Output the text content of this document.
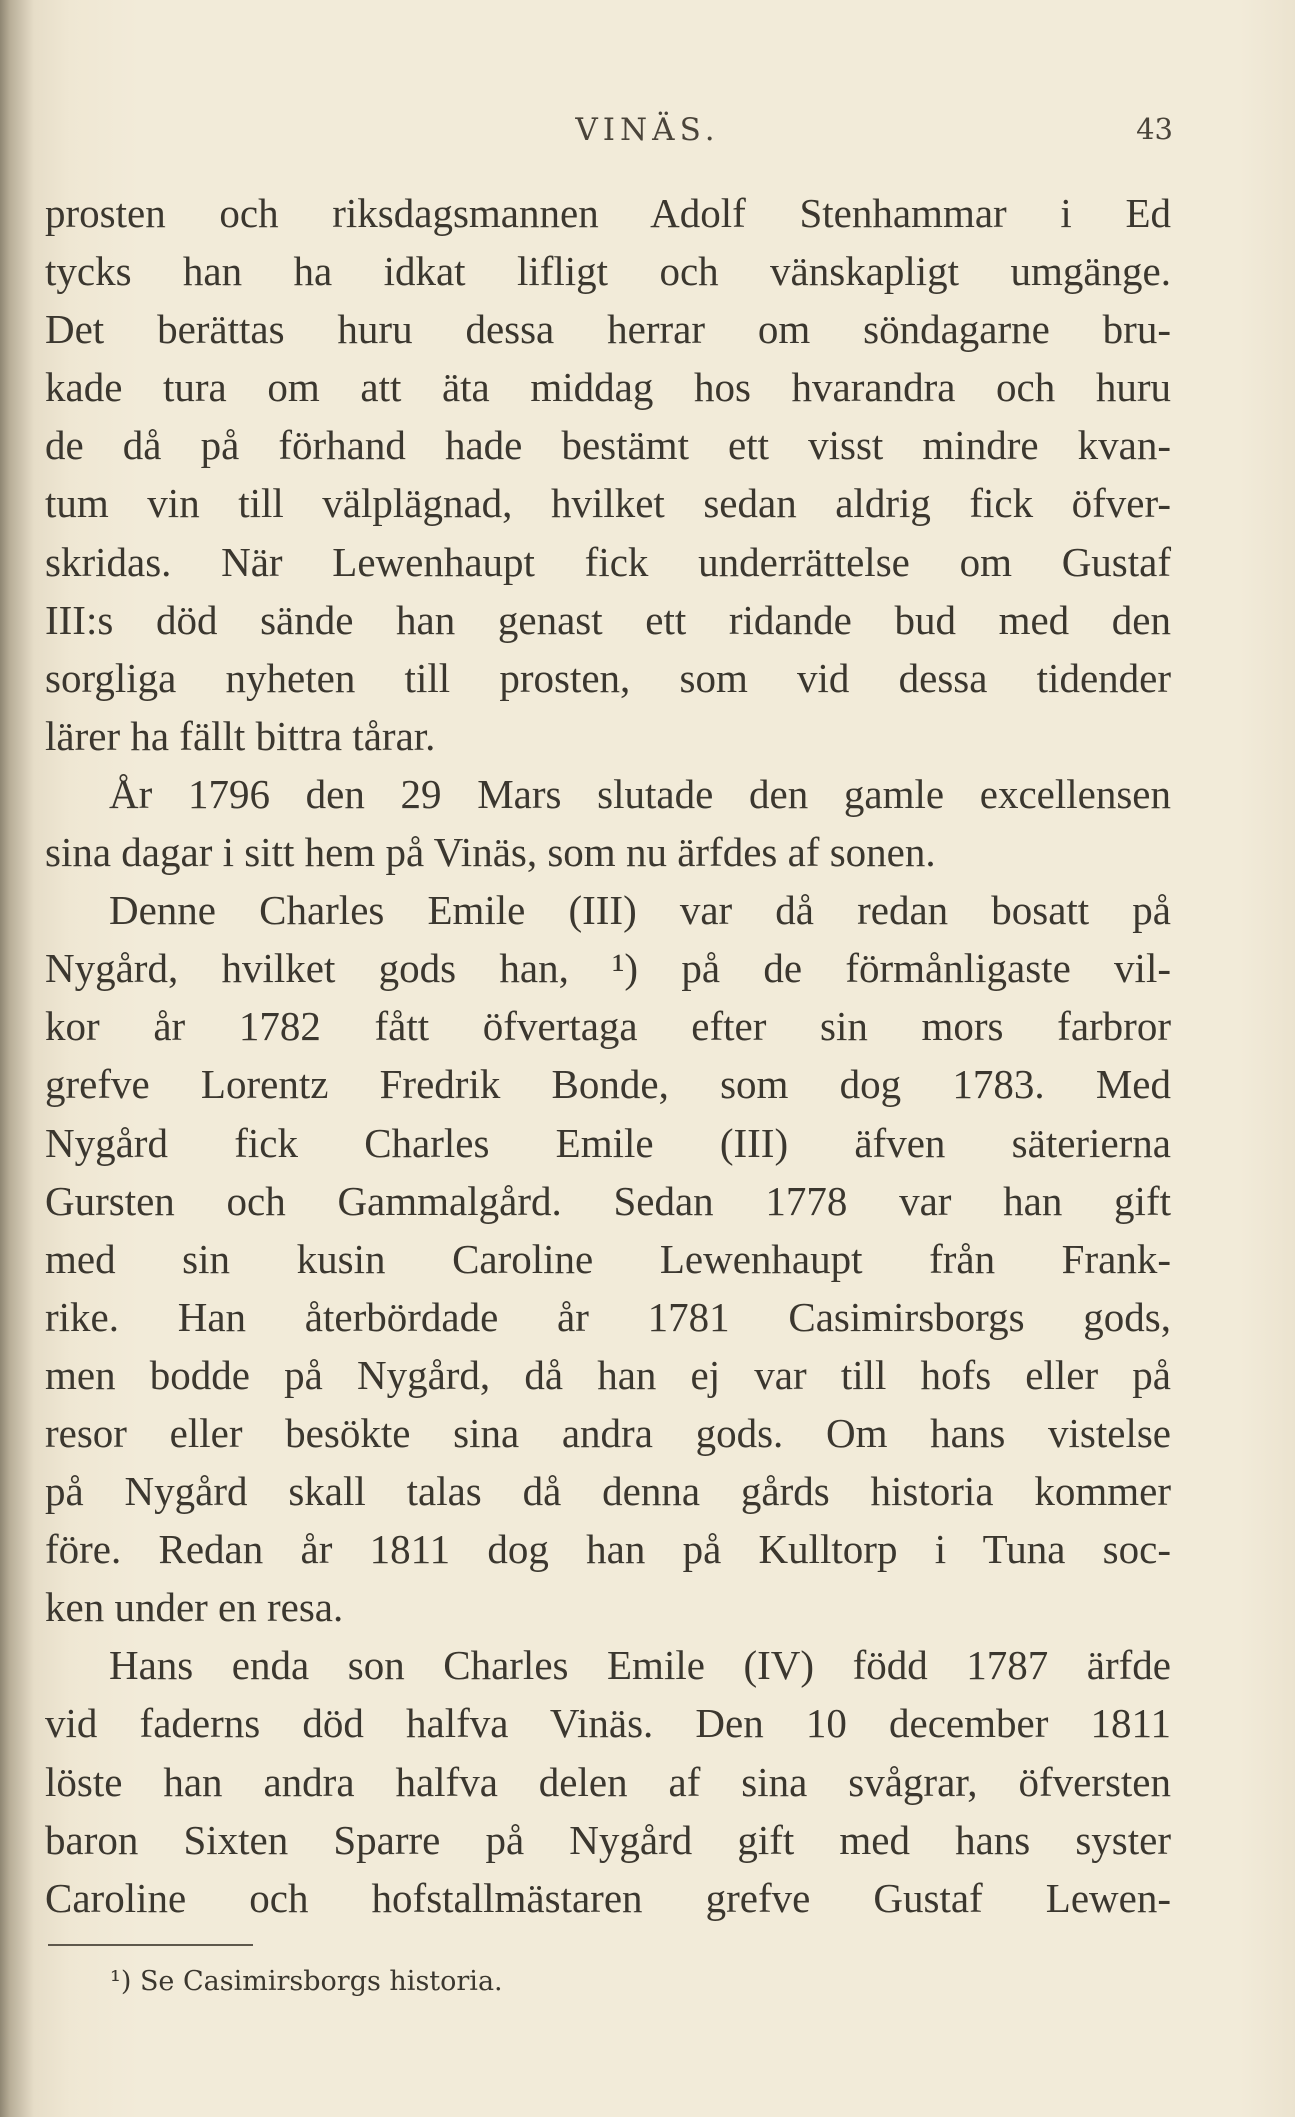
VINÄS.	43
prosten och riksdagsmannen Adolf Stenhammar i Ed
tycks han ha idkat lifligt och vänskapligt umgänge.
Det berättas huru dessa herrar om söndagarne bru-
kade tura om att äta middag hos hvarandra och huru
de då på förhand hade bestämt ett visst mindre kvan-
tum vin till välplägnad, hvilket sedan aldrig fick öfver-
skridas. När Lewenhaupt fick underrättelse om Gustaf
III:s död sände han genast ett ridande bud med den
sorgliga nyheten till prosten, som vid dessa tidender
lärer ha fällt bittra tårar.
År 1796 den 29 Mars slutade den gamle excellensen
sina dagar i sitt hem på Vinäs, som nu ärfdes af sonen.
Denne Charles Emile (III) var då redan bosatt på
Nygård, hvilket gods han, ¹) på de förmånligaste vil-
kor år 1782 fått öfvertaga efter sin mors farbror
grefve Lorentz Fredrik Bonde, som dog 1783. Med
Nygård fick Charles Emile (III) äfven säterierna
Gursten och Gammalgård. Sedan 1778 var han gift
med sin kusin Caroline Lewenhaupt från Frank-
rike. Han återbördade år 1781 Casimirsborgs gods,
men bodde på Nygård, då han ej var till hofs eller på
resor eller besökte sina andra gods. Om hans vistelse
på Nygård skall talas då denna gårds historia kommer
före. Redan år 1811 dog han på Kulltorp i Tuna soc-
ken under en resa.
Hans enda son Charles Emile (IV) född 1787 ärfde
vid faderns död halfva Vinäs. Den 10 december 1811
löste han andra halfva delen af sina svågrar, öfversten
baron Sixten Sparre på Nygård gift med hans syster
Caroline och hofstallmästaren grefve Gustaf Lewen-
¹) Se Casimirsborgs historia.
